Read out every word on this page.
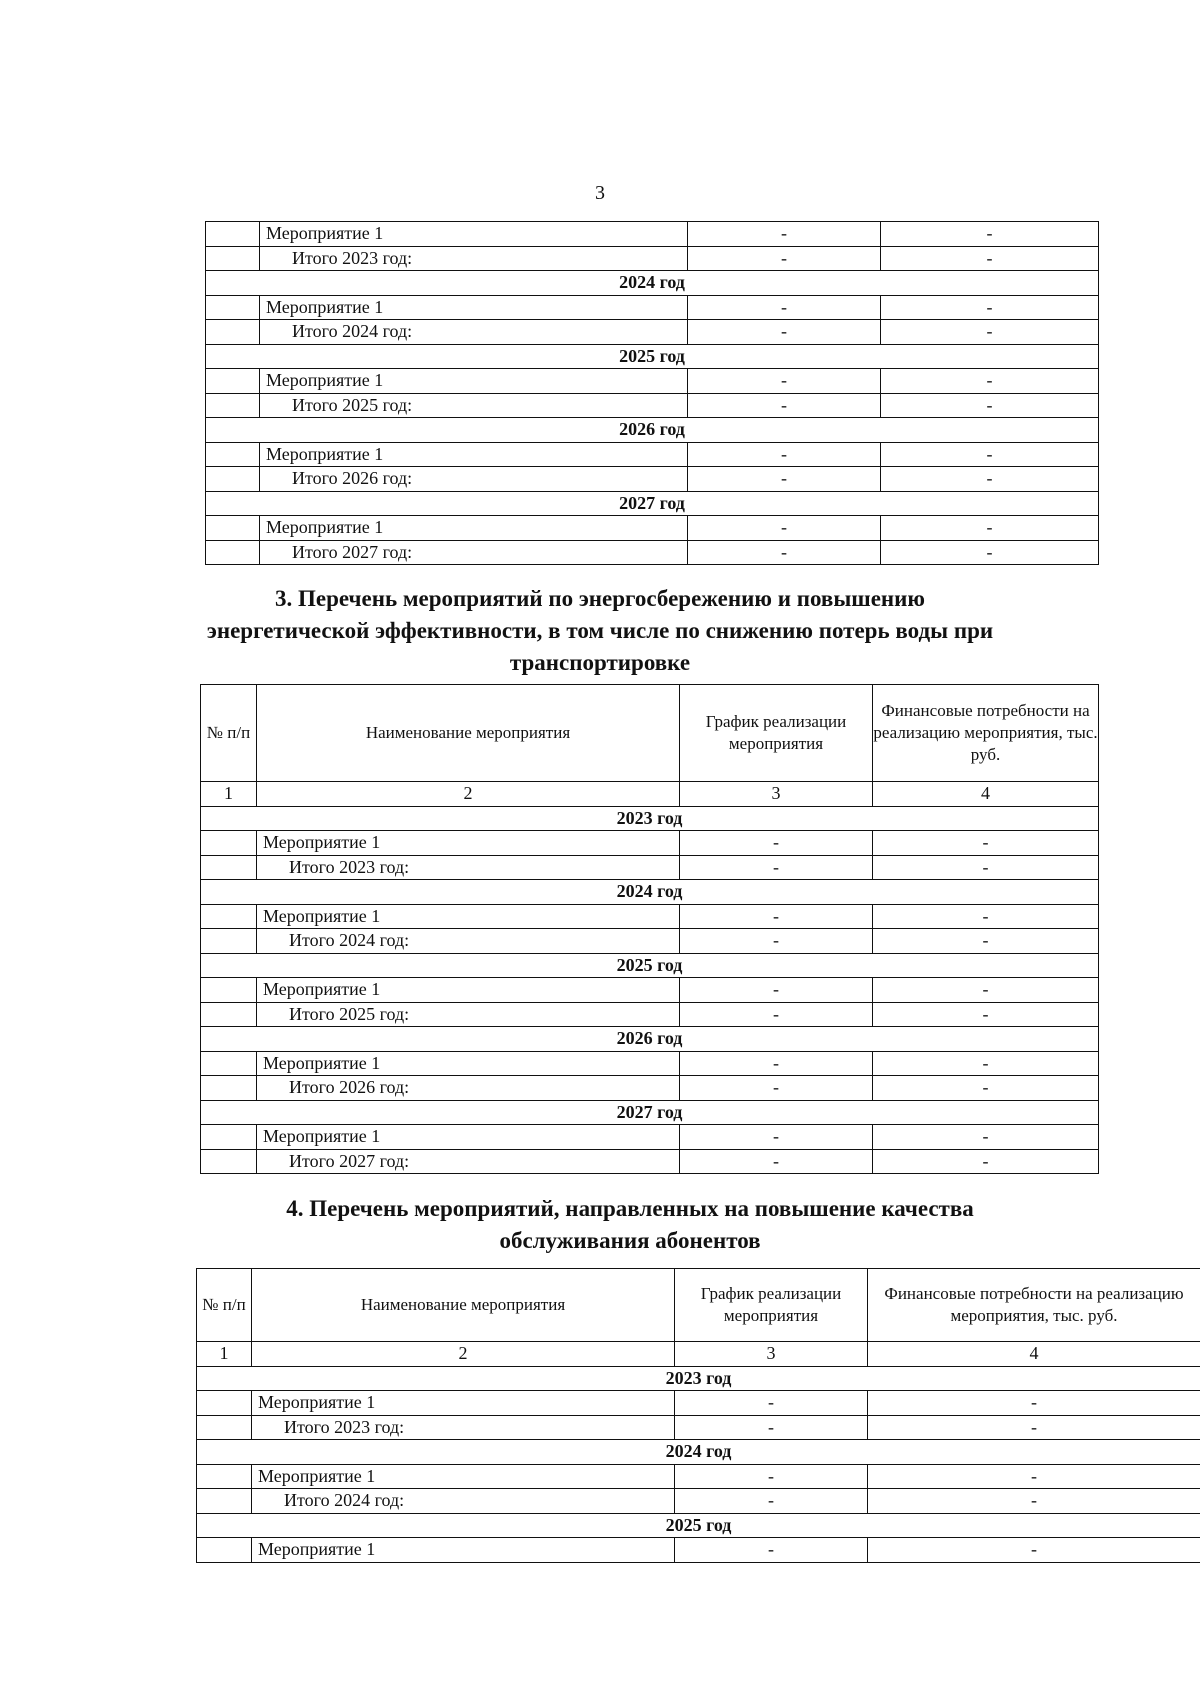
3
	Мероприятие 1	-	-
	Итого 2023 год:	-	-
2024 год			
	Мероприятие 1	-	-
	Итого 2024 год:	-	-
2025 год			
	Мероприятие 1	-	-
	Итого 2025 год:	-	-
2026 год			
	Мероприятие 1	-	-
	Итого 2026 год:	-	-
2027 год			
	Мероприятие 1	-	-
	Итого 2027 год:	-	-
3. Перечень мероприятий по энергосбережению и повышению
энергетической эффективности, в том числе по снижению потерь воды при
транспортировке
№ п/п	Наименование мероприятия	График реализации мероприятия	Финансовые потребности на реализацию мероприятия, тыс. руб.
1	2	3	4
2023 год			
	Мероприятие 1	-	-
	Итого 2023 год:	-	-
2024 год			
	Мероприятие 1	-	-
	Итого 2024 год:	-	-
2025 год			
	Мероприятие 1	-	-
	Итого 2025 год:	-	-
2026 год			
	Мероприятие 1	-	-
	Итого 2026 год:	-	-
2027 год			
	Мероприятие 1	-	-
	Итого 2027 год:	-	-
4. Перечень мероприятий, направленных на повышение качества
обслуживания абонентов
№ п/п	Наименование мероприятия	График реализации мероприятия	Финансовые потребности на реализацию мероприятия, тыс. руб.
1	2	3	4
2023 год			
	Мероприятие 1	-	-
	Итого 2023 год:	-	-
2024 год			
	Мероприятие 1	-	-
	Итого 2024 год:	-	-
2025 год			
	Мероприятие 1	-	-
